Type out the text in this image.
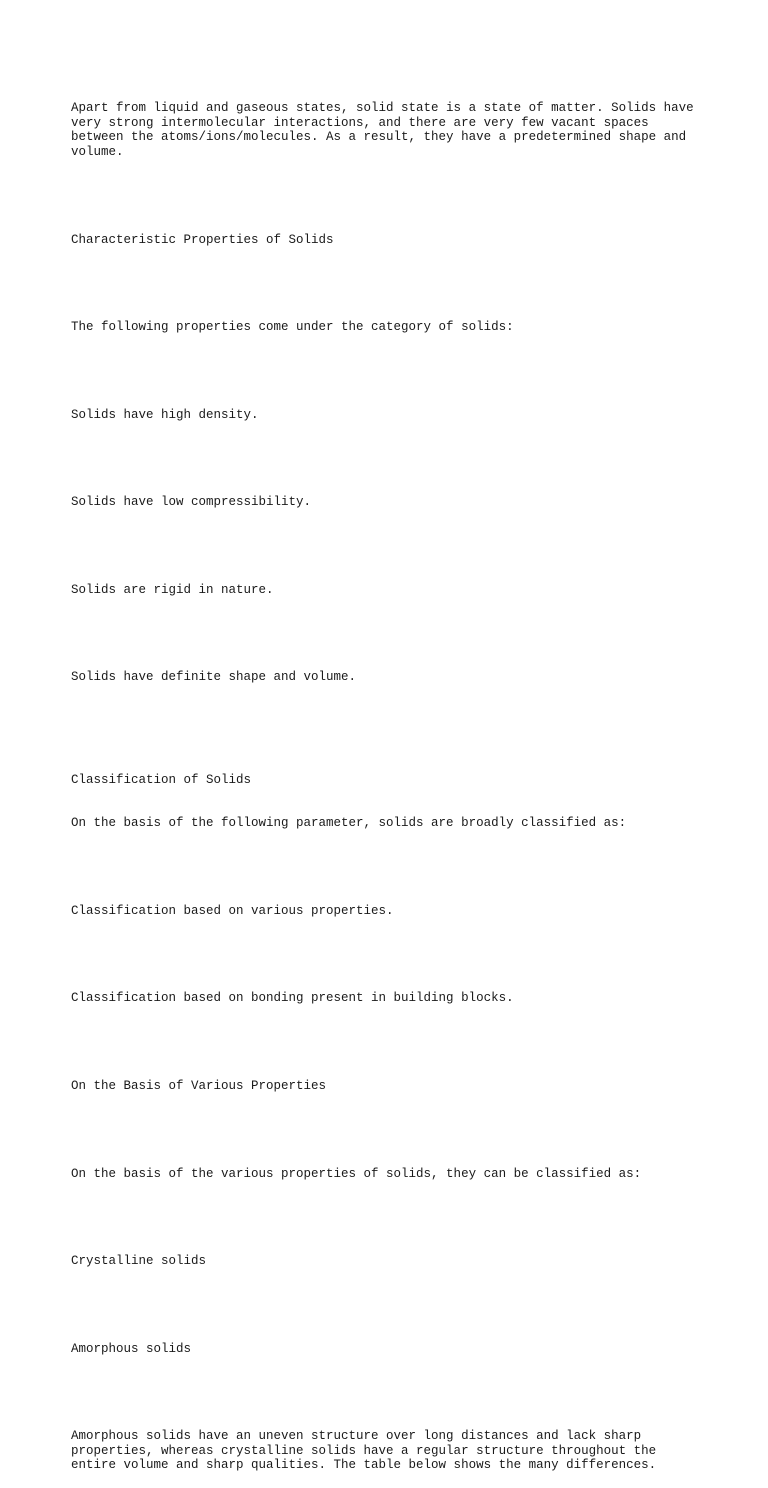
Apart from liquid and gaseous states, solid state is a state of matter. Solids have
very strong intermolecular interactions, and there are very few vacant spaces
between the atoms/ions/molecules. As a result, they have a predetermined shape and
volume.

Characteristic Properties of Solids

The following properties come under the category of solids:

Solids have high density.

Solids have low compressibility.

Solids are rigid in nature.

Solids have definite shape and volume.

Classification of Solids

On the basis of the following parameter, solids are broadly classified as:

Classification based on various properties.

Classification based on bonding present in building blocks.

On the Basis of Various Properties

On the basis of the various properties of solids, they can be classified as:

Crystalline solids

Amorphous solids

Amorphous solids have an uneven structure over long distances and lack sharp
properties, whereas crystalline solids have a regular structure throughout the
entire volume and sharp qualities. The table below shows the many differences.
